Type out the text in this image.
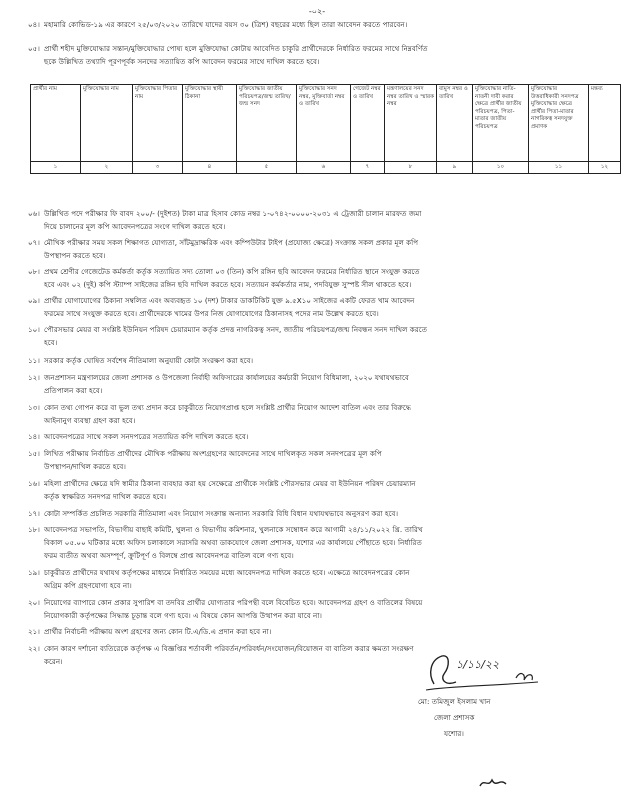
-০২-
০৪। মহামারি কোভিড-১৯ এর কারণে ২৫/০৩/২০২০ তারিখে যাদের বয়স ৩০ (ত্রিশ) বছরের মধ্যে ছিল তারা আবেদন করতে পারবেন।
০৫। প্রার্থী শহীদ মুক্তিযোদ্ধার সন্তান/মুক্তিযোদ্ধার পোষ্য হলে মুক্তিযোদ্ধা কোটায় আবেদিত চাকুরি প্রার্থীদেরকে নির্ধারিত ফরমের সাথে নিম্নবর্ণিত
ছকে উল্লিখিত তথ্যাদি পূরণপূর্বক সনদের সত্যায়িত কপি আবেদন ফরমের সাথে দাখিল করতে হবে।
প্রার্থীর নাম	মুক্তিযোদ্ধার নাম	মুক্তিযোদ্ধার পিতার নাম	মুক্তিযোদ্ধার স্থায়ী ঠিকানা	মুক্তিযোদ্ধার জাতীয় পরিচয়পত্র/জন্ম তারিখ/জন্ম সনদ	মুক্তিযোদ্ধার সনদ নম্বর, মুক্তিবার্তা নম্বর ও তারিখ	গেজেট নম্বর ও তারিখ	মন্ত্রণালয়ের সনদ নম্বর তারিখ ও স্মারক নম্বর	বামুস নম্বর ও তারিখ	মুক্তিযোদ্ধার নাতি-নাতনী দাবী করার ক্ষেত্রে প্রার্থীর জাতীয় পরিচয়পত্র, পিতা-মাতার জাতীয় পরিচয়পত্র	মুক্তিযোদ্ধার উত্তরাধিকারী সনদপত্র মুক্তিযোদ্ধার ক্ষেত্রে প্রার্থীর পিতা-মাতার নাগরিকত্ব সনদযুক্ত প্রমাণক	মন্তব্য
১	২	৩	৪	৫	৬	৭	৮	৯	১০	১১	১২
০৬। উল্লিখিত পদে পরীক্ষার ফি বাবদ ২০০/- (দুইশত) টাকা মাত্র হিসাব কোড নম্বর ১-০৭৪২-০০০০-২০৩১ এ ট্রেজারী চালান মারফত জমা
দিয়ে চালানের মূল কপি আবেদনপত্রের সংগে দাখিল করতে হবে।
০৭। মৌখিক পরীক্ষার সময় সকল শিক্ষাগত যোগ্যতা, সাঁটমুদ্রাক্ষরিক এবং কম্পিউটার টাইপ (প্রযোজ্য ক্ষেত্রে) সংক্রান্ত সকল প্রকার মূল কপি
উপস্থাপন করতে হবে।
০৮। প্রথম শ্রেণীর গেজেটেড কর্মকর্তা কর্তৃক সত্যায়িত সদ্য তোলা ০৩ (তিন) কপি রঙ্গিন ছবি আবেদন ফরমের নির্ধারিত স্থানে সংযুক্ত করতে
হবে এবং ০২ (দুই) কপি স্ট্যাম্প সাইজের রঙ্গিন ছবি দাখিল করতে হবে। সত্যায়ন কর্মকর্তার নাম, পদবিযুক্ত সুস্পষ্ট সীল থাকতে হবে।
০৯। প্রার্থীর যোগাযোগের ঠিকানা সম্বলিত এবং অব্যবহৃত ১০ (দশ) টাকার ডাকটিকিট যুক্ত ৯.৫X১০ সাইজের একটি ফেরত খাম আবেদন
ফরমের সাথে সংযুক্ত করতে হবে। প্রার্থীদেরকে খামের উপর নিজ যোগাযোগের ঠিকানাসহ পদের নাম উল্লেখ করতে হবে।
১০। পৌরসভার মেয়র বা সংশ্লিষ্ট ইউনিয়ন পরিষদ চেয়ারম্যান কর্তৃক প্রদত্ত নাগরিকত্ব সনদ, জাতীয় পরিচয়পত্র/জন্ম নিবন্ধন সনদ দাখিল করতে
হবে।
১১। সরকার কর্তৃক ঘোষিত সর্বশেষ নীতিমালা অনুযায়ী কোটা সংরক্ষণ করা হবে।
১২। জনপ্রশাসন মন্ত্রণালয়ের জেলা প্রশাসক ও উপজেলা নির্বাহী অফিসারের কার্যালয়ের কর্মচারী নিয়োগ বিধিমালা, ২০২০ যথাযথভাবে
প্রতিপালন করা হবে।
১৩। কোন তথ্য গোপন করে বা ভুল তথ্য প্রদান করে চাকুরীতে নিয়োগপ্রাপ্ত হলে সংশ্লিষ্ট প্রার্থীর নিয়োগ আদেশ বাতিল এবং তার বিরুদ্ধে
আইনানুগ ব্যবস্থা গ্রহণ করা হবে।
১৪। আবেদনপত্রের সাথে সকল সনদপত্রের সত্যায়িত কপি দাখিল করতে হবে।
১৫। লিখিত পরীক্ষায় নির্বাচিত প্রার্থীদের মৌখিক পরীক্ষায় অংশগ্রহণের আবেদনের সাথে দাখিলকৃত সকল সনদপত্রের মূল কপি
উপস্থাপন/দাখিল করতে হবে।
১৬। মহিলা প্রার্থীদের ক্ষেত্রে যদি স্বামীর ঠিকানা ব্যবহার করা হয় সেক্ষেত্রে প্রার্থীকে সংশ্লিষ্ট পৌরসভার মেয়র বা ইউনিয়ন পরিষদ চেয়ারম্যান
কর্তৃক স্বাক্ষরিত সনদপত্র দাখিল করতে হবে।
১৭। কোটা সম্পর্কিত প্রচলিত সরকারি নীতিমালা এবং নিয়োগ সংক্রান্ত অন্যান্য সরকারি বিধি বিধান যথাযথভাবে অনুসরণ করা হবে।
১৮। আবেদনপত্র সভাপতি, বিভাগীয় বাছাই কমিটি, খুলনা ও বিভাগীয় কমিশনার, খুলনাকে সম্বোধন করে আগামী ২৪/১১/২০২২ খ্রি. তারিখ
বিকাল ০৫.০০ ঘটিকার মধ্যে অফিস চলাকালে সরাসরি অথবা ডাকযোগে জেলা প্রশাসক, যশোর এর কার্যালয়ে পৌঁছাতে হবে। নির্ধারিত
ফরম ব্যতীত অথবা অসম্পূর্ণ, ক্রুটিপূর্ণ ও বিলম্বে প্রাপ্ত আবেদনপত্র বাতিল বলে গণ্য হবে।
১৯। চাকুরীরত প্রার্থীদের যথাযথ কর্তৃপক্ষের মাধ্যমে নির্ধারিত সময়ের মধ্যে আবেদনপত্র দাখিল করতে হবে। এক্ষেত্রে আবেদনপত্রের কোন
অগ্রিম কপি গ্রহণযোগ্য হবে না।
২০। নিয়োগের ব্যাপারে কোন প্রকার সুপারিশ বা তদবির প্রার্থীর যোগ্যতার পরিপন্থী বলে বিবেচিত হবে। আবেদনপত্র গ্রহণ ও বাতিলের বিষয়ে
নিয়োগকারী কর্তৃপক্ষের সিদ্ধান্ত চূড়ান্ত বলে গণ্য হবে। এ বিষয়ে কোন আপত্তি উত্থাপন করা যাবে না।
২১। প্রার্থীর নির্বাচনী পরীক্ষায় অংশ গ্রহণের জন্য কোন টি.এ/ডি.এ প্রদান করা হবে না।
২২। কোন কারণ দর্শানো ব্যতিরেকে কর্তৃপক্ষ এ বিজ্ঞপ্তির শর্তাবলী পরিবর্তন/পরিবর্ধন/সংযোজন/বিয়োজন বা বাতিল করার ক্ষমতা সংরক্ষণ
করেন।	১/১১/২২
মো: তমিজুল ইসলাম খান
জেলা প্রশাসক
যশোর।
